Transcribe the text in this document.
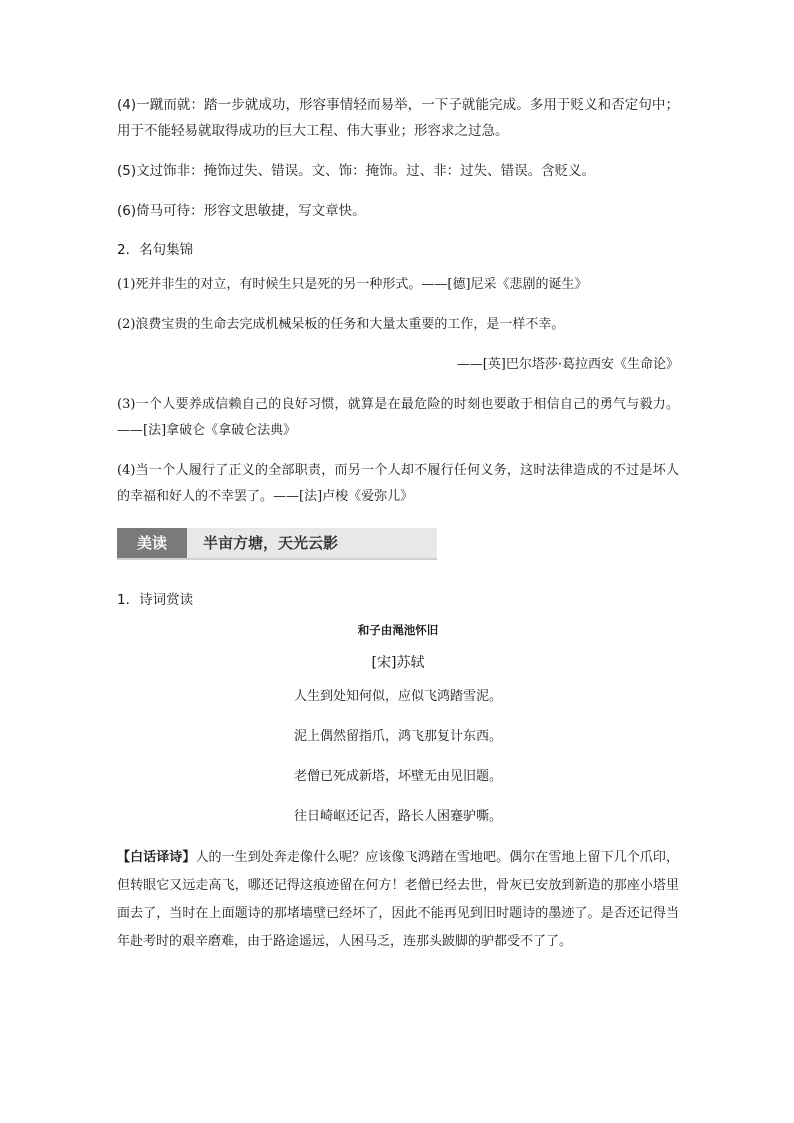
(4)一蹴而就：踏一步就成功，形容事情轻而易举，一下子就能完成。多用于贬义和否定句中；用于不能轻易就取得成功的巨大工程、伟大事业；形容求之过急。

(5)文过饰非：掩饰过失、错误。文、饰：掩饰。过、非：过失、错误。含贬义。

(6)倚马可待：形容文思敏捷，写文章快。

2．名句集锦

(1)死并非生的对立，有时候生只是死的另一种形式。——[德]尼采《悲剧的诞生》

(2)浪费宝贵的生命去完成机械呆板的任务和大量太重要的工作，是一样不幸。

——[英]巴尔塔莎·葛拉西安《生命论》

(3)一个人要养成信赖自己的良好习惯，就算是在最危险的时刻也要敢于相信自己的勇气与毅力。——[法]拿破仑《拿破仑法典》

(4)当一个人履行了正义的全部职责，而另一个人却不履行任何义务，这时法律造成的不过是坏人的幸福和好人的不幸罢了。——[法]卢梭《爱弥儿》

美读	半亩方塘，天光云影

1．诗词赏读

和子由渑池怀旧
[宋]苏轼
人生到处知何似，应似飞鸿踏雪泥。
泥上偶然留指爪，鸿飞那复计东西。
老僧已死成新塔，坏壁无由见旧题。
往日崎岖还记否，路长人困蹇驴嘶。
【白话译诗】人的一生到处奔走像什么呢？应该像飞鸿踏在雪地吧。偶尔在雪地上留下几个爪印，但转眼它又远走高飞，哪还记得这痕迹留在何方！老僧已经去世，骨灰已安放到新造的那座小塔里面去了，当时在上面题诗的那堵墙壁已经坏了，因此不能再见到旧时题诗的墨迹了。是否还记得当年赴考时的艰辛磨难，由于路途遥远，人困马乏，连那头跛脚的驴都受不了了。
